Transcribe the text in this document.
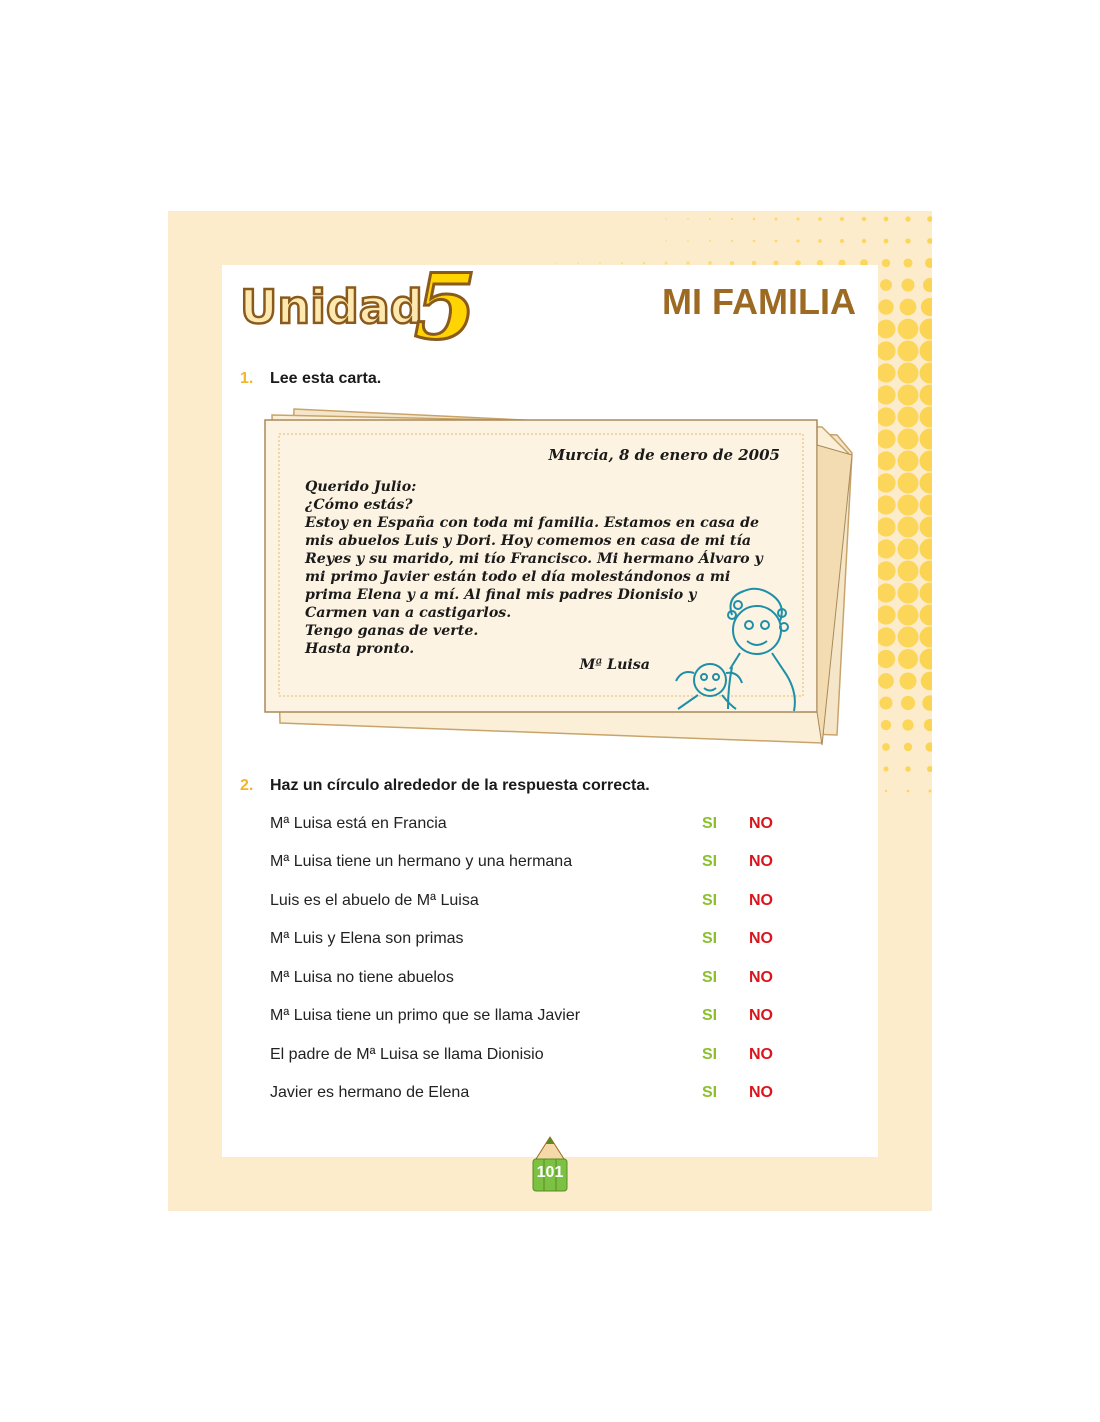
Unidad
5	MI FAMILIA
1. Lee esta carta.
Murcia, 8 de enero de 2005
Querido Julio:
¿Cómo estás?
Estoy en España con toda mi familia. Estamos en casa de
mis abuelos Luis y Dori. Hoy comemos en casa de mi tía
Reyes y su marido, mi tío Francisco. Mi hermano Álvaro y
mi primo Javier están todo el día molestándonos a mi
prima Elena y a mí. Al final mis padres Dionisio y
Carmen van a castigarlos.
Tengo ganas de verte.
Hasta pronto.
Mª Luisa
2. Haz un círculo alrededor de la respuesta correcta.
Mª Luisa está en Francia	SI NO
Mª Luisa tiene un hermano y una hermana	SI NO
Luis es el abuelo de Mª Luisa	SI NO
Mª Luis y Elena son primas	SI NO
Mª Luisa no tiene abuelos	SI NO
Mª Luisa tiene un primo que se llama Javier	SI NO
El padre de Mª Luisa se llama Dionisio	SI NO
Javier es hermano de Elena	SI NO
101
